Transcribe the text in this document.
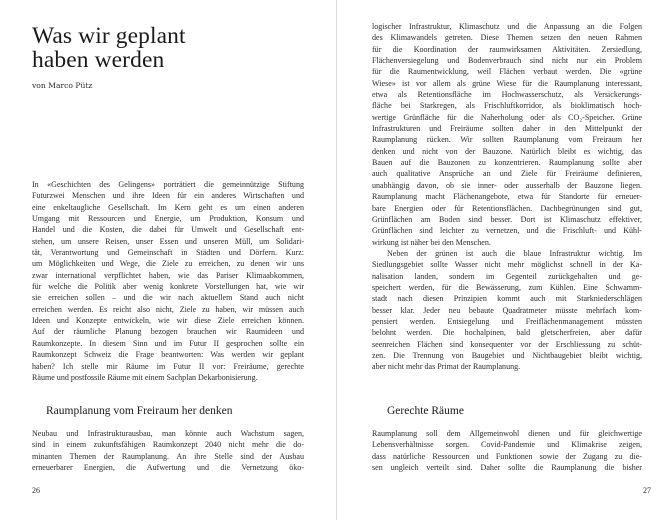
Was wir geplant
haben werden
von Marco Pütz

In «Geschichten des Gelingens» porträtiert die gemeinnützige Stiftung
Futurzwei Menschen und ihre Ideen für ein anderes Wirtschaften und
eine enkeltaugliche Gesellschaft. Im Kern geht es um einen anderen
Umgang mit Ressourcen und Energie, um Produktion, Konsum und
Handel und die Kosten, die dabei für Umwelt und Gesellschaft ent-
stehen, um unsere Reisen, unser Essen und unseren Müll, um Solidari-
tät, Verantwortung und Gemeinschaft in Städten und Dörfern. Kurz:
um Möglichkeiten und Wege, die Ziele zu erreichen, zu denen wir uns
zwar international verpflichtet haben, wie das Pariser Klimaabkommen,
für welche die Politik aber wenig konkrete Vorstellungen hat, wie wir
sie erreichen sollen – und die wir nach aktuellem Stand auch nicht
erreichen werden. Es reicht also nicht, Ziele zu haben, wir müssen auch
Ideen und Konzepte entwickeln, wie wir diese Ziele erreichen können.
Auf der räumliche Planung bezogen brauchen wir Raumideen und
Raumkonzepte. In diesem Sinn und im Futur II gesprochen sollte ein
Raumkonzept Schweiz die Frage beantworten: Was werden wir geplant
haben? Ich stelle mir Räume im Futur II vor: Freiräume, gerechte
Räume und postfossile Räume mit einem Sachplan Dekarbonisierung.

Raumplanung vom Freiraum her denken

Neubau und Infrastrukturausbau, man könnte auch Wachstum sagen,
sind in einem zukunftsfähigen Raumkonzept 2040 nicht mehr die do-
minanten Themen der Raumplanung. An ihre Stelle sind der Ausbau
erneuerbarer Energien, die Aufwertung und die Vernetzung öko-

26

logischer Infrastruktur, Klimaschutz und die Anpassung an die Folgen
des Klimawandels getreten. Diese Themen setzen den neuen Rahmen
für die Koordination der raumwirksamen Aktivitäten. Zersiedlung,
Flächenversiegelung und Bodenverbrauch sind nicht nur ein Problem
für die Raumentwicklung, weil Flächen verbaut werden. Die «grüne
Wiese» ist vor allem als grüne Wiese für die Raumplanung interessant,
etwa als Retentionsfläche im Hochwasserschutz, als Versickerungs-
fläche bei Starkregen, als Frischluftkorridor, als bioklimatisch hoch-
wertige Grünfläche für die Naherholung oder als CO₂-Speicher. Grüne
Infrastrukturen und Freiräume sollten daher in den Mittelpunkt der
Raumplanung rücken. Wir sollten Raumplanung vom Freiraum her
denken und nicht von der Bauzone. Natürlich bleibt es wichtig, das
Bauen auf die Bauzonen zu konzentrieren. Raumplanung sollte aber
auch qualitative Ansprüche an und Ziele für Freiräume definieren,
unabhängig davon, ob sie inner- oder ausserhalb der Bauzone liegen.
Raumplanung macht Flächenangebote, etwa für Standorte für erneuer-
bare Energien oder für Retentionsflächen. Dachbegrünungen sind gut,
Grünflächen am Boden sind besser. Dort ist Klimaschutz effektiver,
Grünflächen sind leichter zu vernetzen, und die Frischluft- und Kühl-
wirkung ist näher bei den Menschen.

Neben der grünen ist auch die blaue Infrastruktur wichtig. Im
Siedlungsgebiet sollte Wasser nicht mehr möglichst schnell in der Ka-
nalisation landen, sondern im Gegenteil zurückgehalten und ge-
speichert werden, für die Bewässerung, zum Kühlen. Eine Schwamm-
stadt nach diesen Prinzipien kommt auch mit Starkniederschlägen
besser klar. Jeder neu bebaute Quadratmeter müsste mehrfach kom-
pensiert werden. Entsiegelung und Freiflächenmanagement müssten
belohnt werden. Die hochalpinen, bald gletscherfreien, aber dafür
seenreichen Flächen sind konsequenter vor der Erschliessung zu schüt-
zen. Die Trennung von Baugebiet und Nichtbaugebiet bleibt wichtig,
aber nicht mehr das Primat der Raumplanung.

Gerechte Räume

Raumplanung soll dem Allgemeinwohl dienen und für gleichwertige
Lebensverhältnisse sorgen. Covid-Pandemie und Klimakrise zeigen,
dass natürliche Ressourcen und Funktionen sowie der Zugang zu die-
sen ungleich verteilt sind. Daher sollte die Raumplanung die bisher

27
